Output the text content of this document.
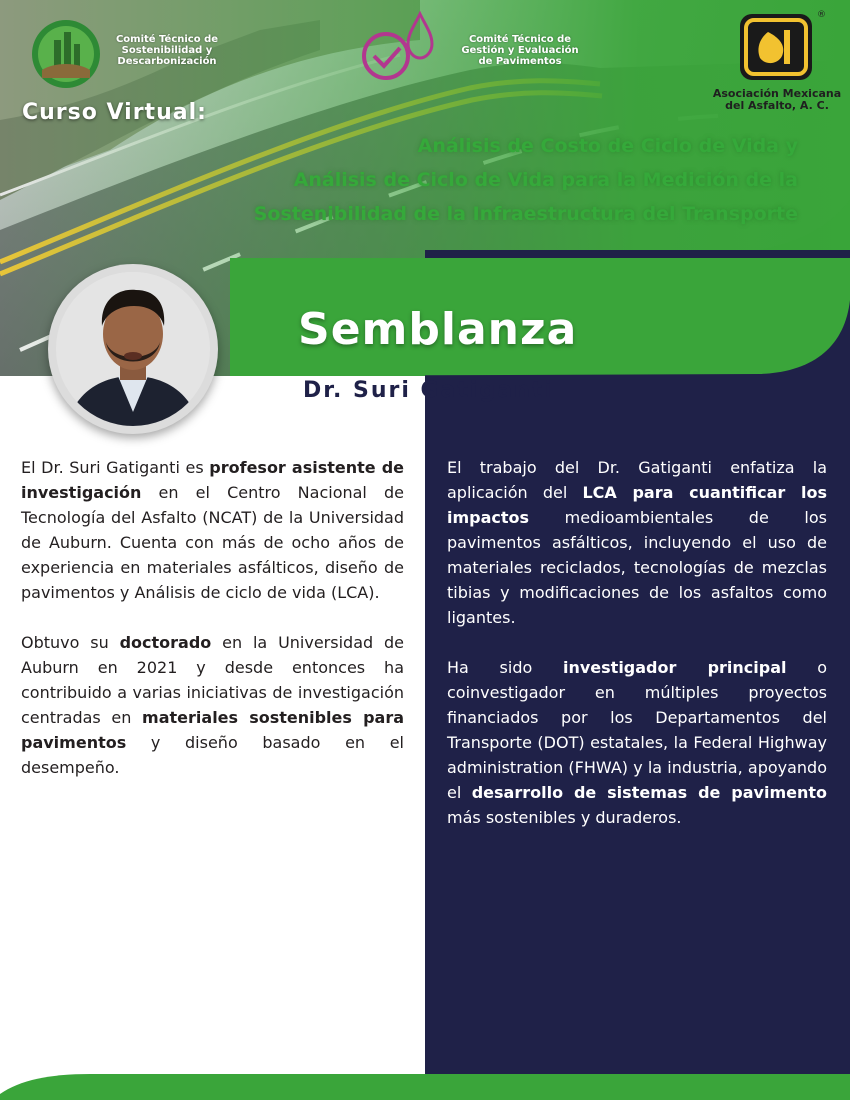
Comité Técnico de Sostenibilidad y Descarbonización
Comité Técnico de Gestión y Evaluación de Pavimentos
®
Asociación Mexicana del Asfalto, A. C.
Curso Virtual:
Análisis de Costo de Ciclo de Vida y
Análisis de Ciclo de Vida para la Medición de la
Sostenibilidad de la Infraestructura del Transporte
Semblanza
Dr. Suri Gatiganti

El Dr. Suri Gatiganti es profesor asistente de investigación en el Centro Nacional de Tecnología del Asfalto (NCAT) de la Universidad de Auburn. Cuenta con más de ocho años de experiencia en materiales asfálticos, diseño de pavimentos y Análisis de ciclo de vida (LCA).

Obtuvo su doctorado en la Universidad de Auburn en 2021 y desde entonces ha contribuido a varias iniciativas de investigación centradas en materiales sostenibles para pavimentos y diseño basado en el desempeño.

El trabajo del Dr. Gatiganti enfatiza la aplicación del LCA para cuantificar los impactos medioambientales de los pavimentos asfálticos, incluyendo el uso de materiales reciclados, tecnologías de mezclas tibias y modificaciones de los asfaltos como ligantes.

Ha sido investigador principal o coinvestigador en múltiples proyectos financiados por los Departamentos del Transporte (DOT) estatales, la Federal Highway administration (FHWA) y la industria, apoyando el desarrollo de sistemas de pavimento más sostenibles y duraderos.
